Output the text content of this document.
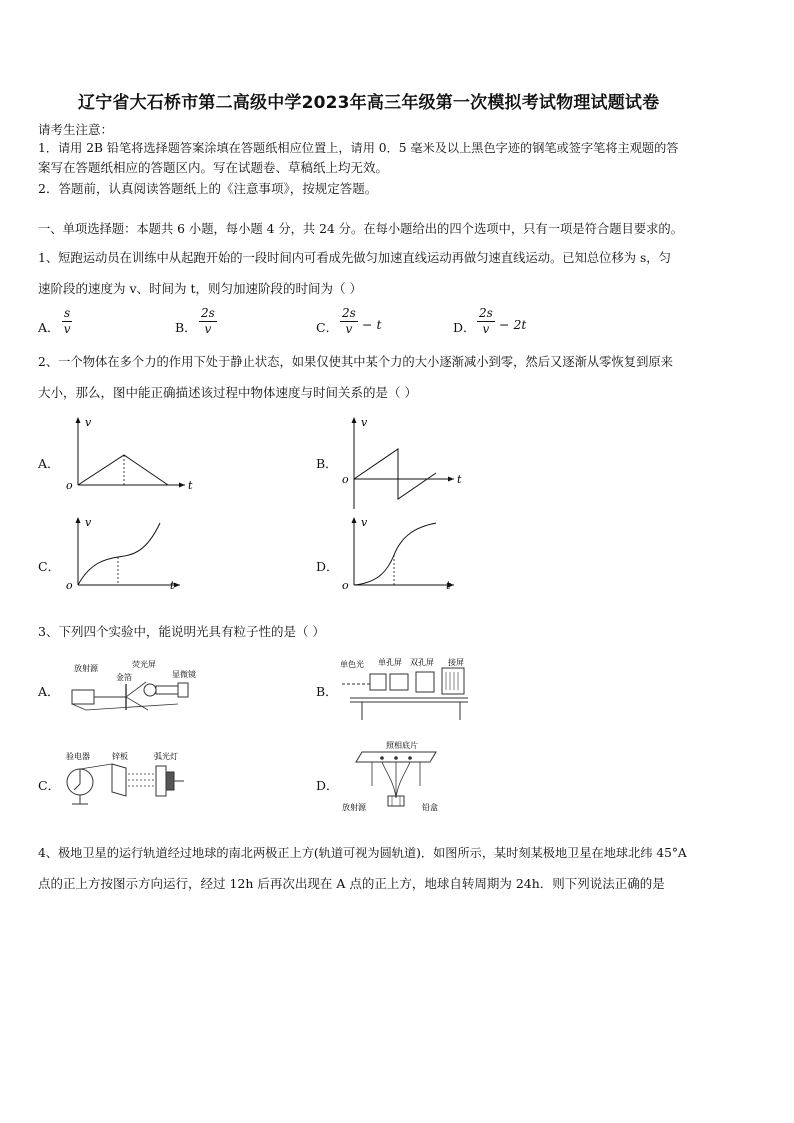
辽宁省大石桥市第二高级中学2023年高三年级第一次模拟考试物理试题试卷
请考生注意：
1．请用 2B 铅笔将选择题答案涂填在答题纸相应位置上，请用 0．5 毫米及以上黑色字迹的钢笔或签字笔将主观题的答
案写在答题纸相应的答题区内。写在试题卷、草稿纸上均无效。
2．答题前，认真阅读答题纸上的《注意事项》，按规定答题。
一、单项选择题：本题共 6 小题，每小题 4 分，共 24 分。在每小题给出的四个选项中，只有一项是符合题目要求的。
1、短跑运动员在训练中从起跑开始的一段时间内可看成先做匀加速直线运动再做匀速直线运动。已知总位移为 s，匀
速阶段的速度为 v、时间为 t，则匀加速阶段的时间为（ ）
A． $\frac{s}{v}$	B． $\frac{2s}{v}$	C． $\frac{2s}{v} - t$	D． $\frac{2s}{v} - 2t$
2、一个物体在多个力的作用下处于静止状态，如果仅使其中某个力的大小逐渐减小到零，然后又逐渐从零恢复到原来
大小，那么，图中能正确描述该过程中物体速度与时间关系的是（ ）
A．	B．
C．	D．
v
t
o
v
t
o
v
t
o
v
t
o
3、下列四个实验中，能说明光具有粒子性的是（ ）
A．	B．
C．	D．
放射源	荧光屏
金箔	显微镜
单色光 单孔屏 双孔屏 接屏
验电器	锌板	弧光灯
照相底片
放射源	铅盒
4、极地卫星的运行轨道经过地球的南北两极正上方(轨道可视为圆轨道)．如图所示，某时刻某极地卫星在地球北纬 45°A
点的正上方按图示方向运行，经过 12h 后再次出现在 A 点的正上方，地球自转周期为 24h．则下列说法正确的是
